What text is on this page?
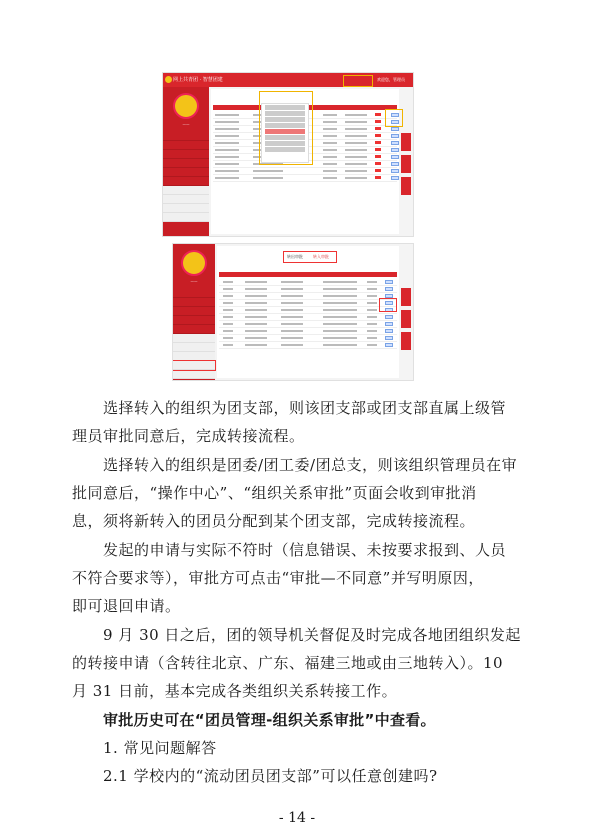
网上共青团 · 智慧团建	欢迎您，管理员
——
——
转出审批	转入审批

选择转入的组织为团支部，则该团支部或团支部直属上级管

理员审批同意后，完成转接流程。

选择转入的组织是团委/团工委/团总支，则该组织管理员在审

批同意后，“操作中心”、“组织关系审批”页面会收到审批消

息，须将新转入的团员分配到某个团支部，完成转接流程。

发起的申请与实际不符时（信息错误、未按要求报到、人员

不符合要求等），审批方可点击“审批—不同意”并写明原因，

即可退回申请。

9 月 30 日之后，团的领导机关督促及时完成各地团组织发起

的转接申请（含转往北京、广东、福建三地或由三地转入）。10

月 31 日前，基本完成各类组织关系转接工作。

审批历史可在“团员管理-组织关系审批”中查看。

1. 常见问题解答

2.1 学校内的“流动团员团支部”可以任意创建吗?

- 14 -
